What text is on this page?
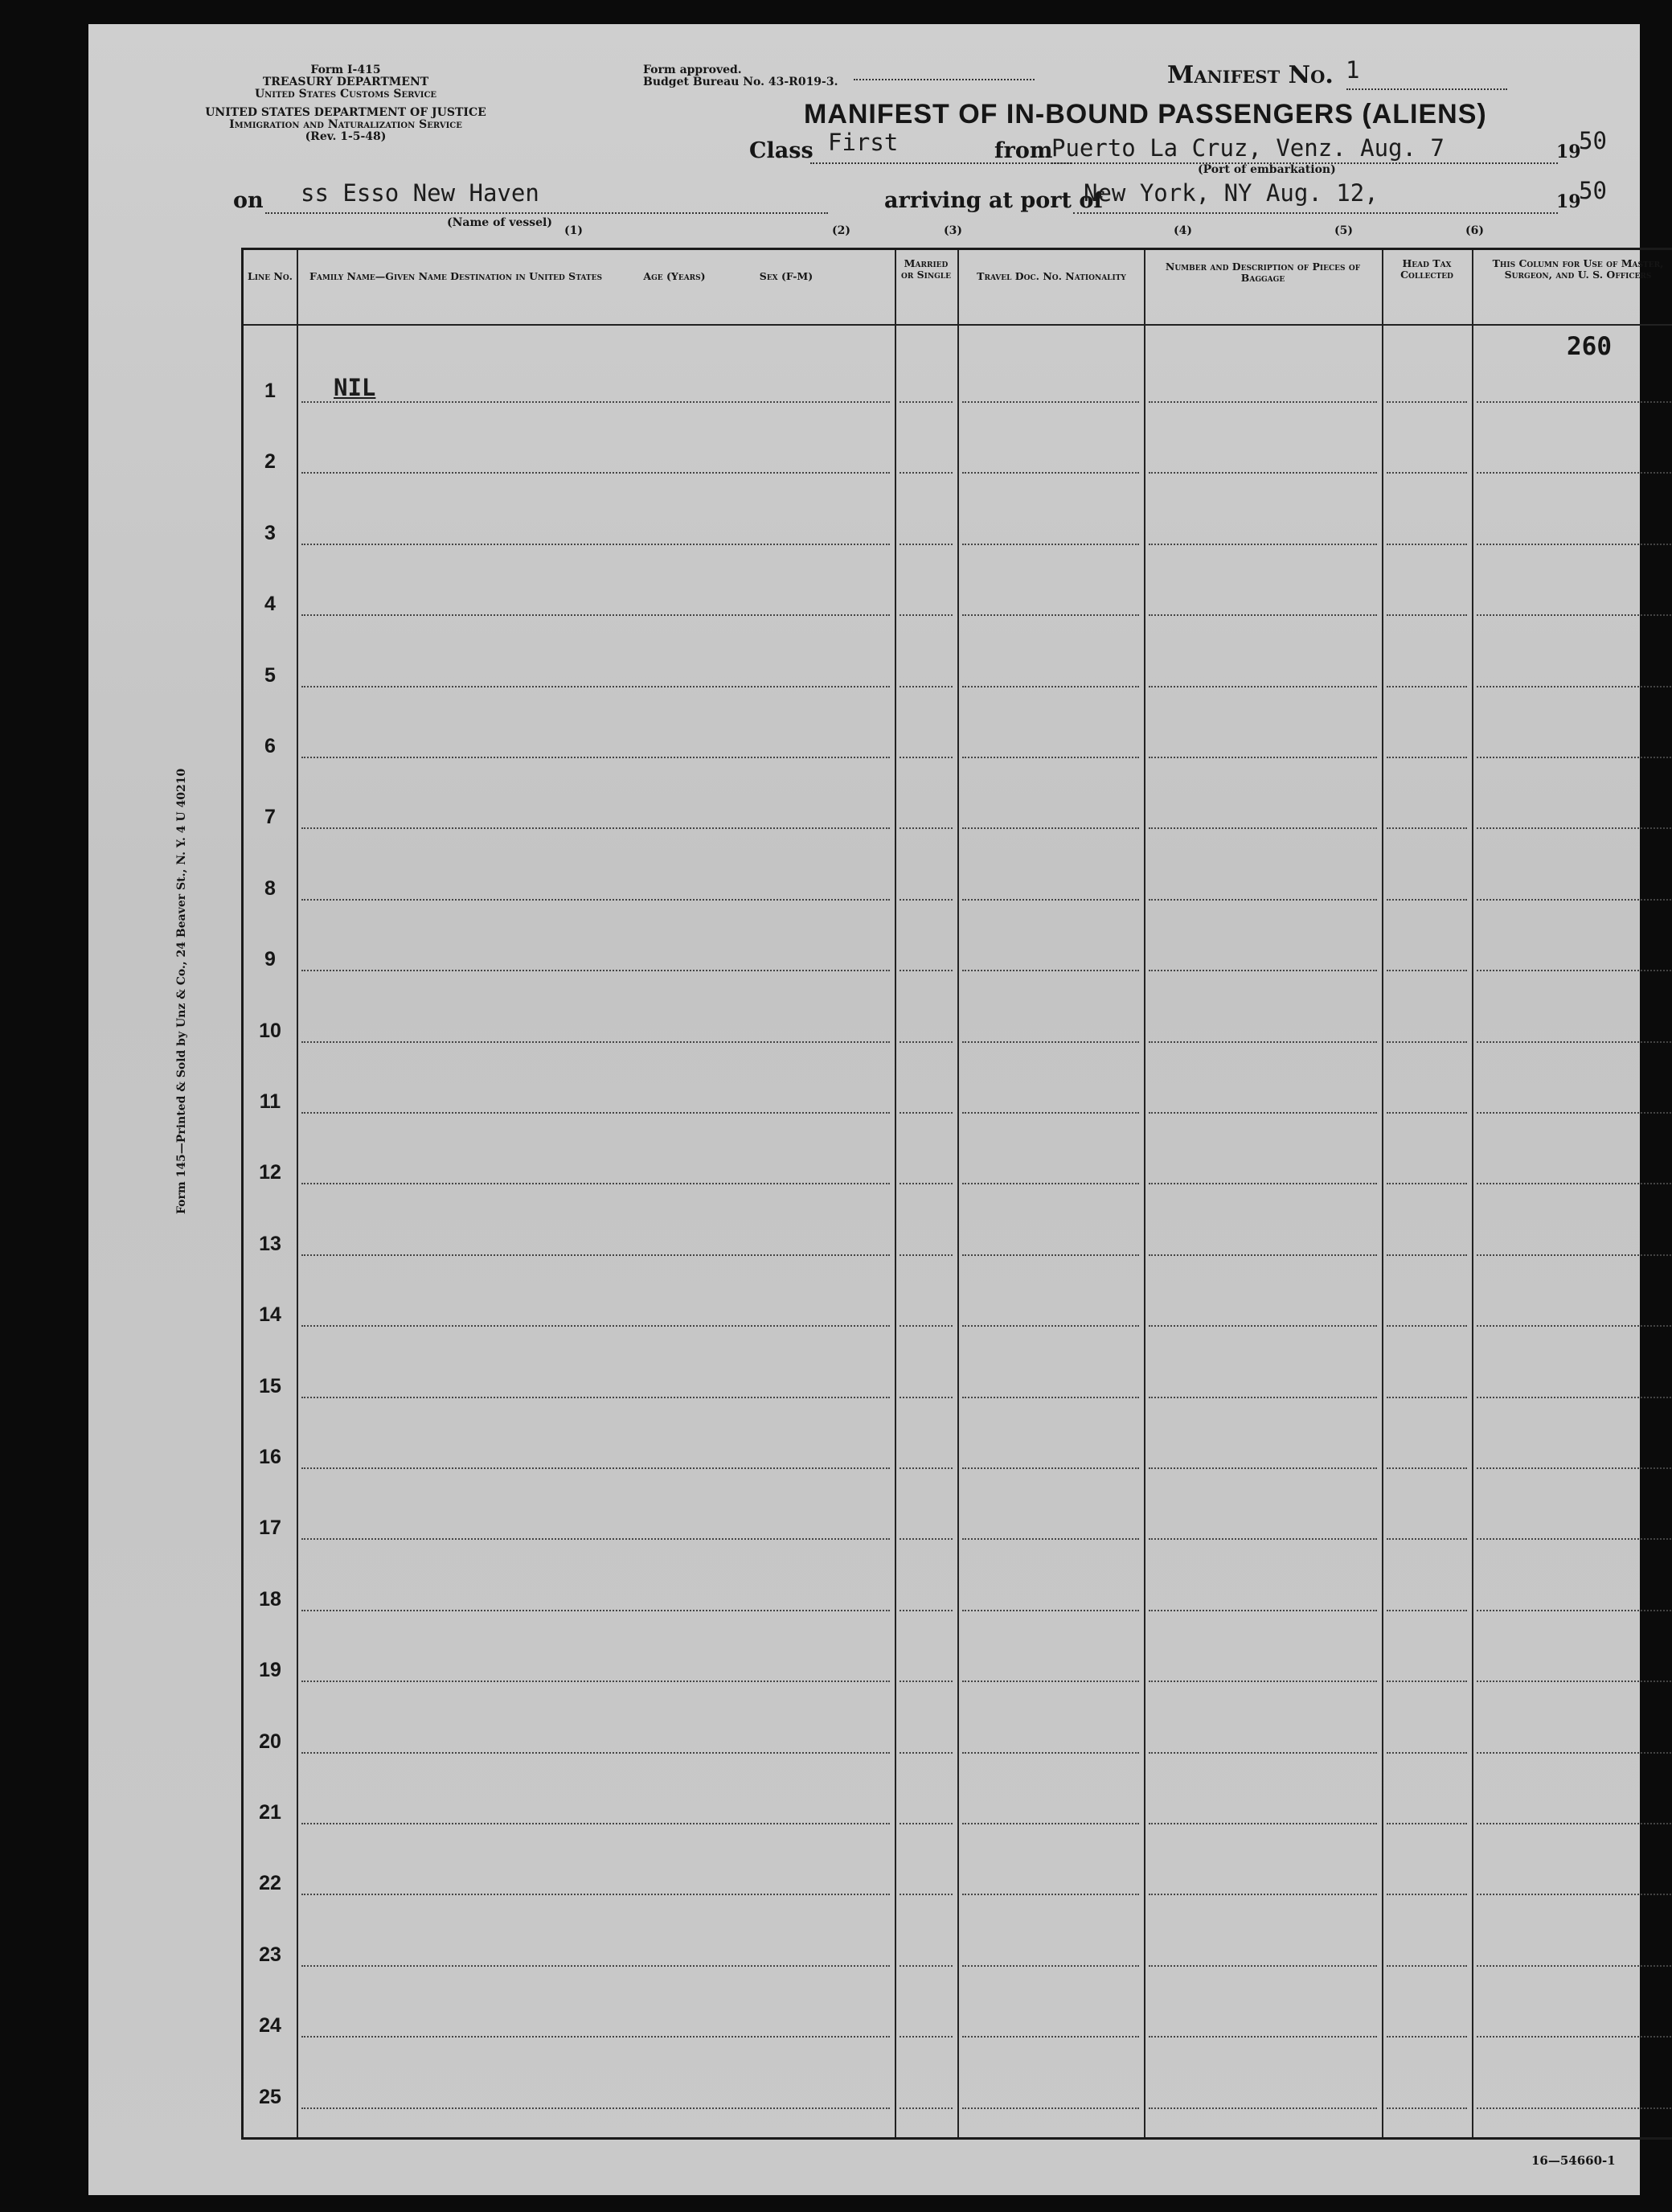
Form I-415
TREASURY DEPARTMENT
United States Customs Service
UNITED STATES DEPARTMENT OF JUSTICE
Immigration and Naturalization Service
(Rev. 1-5-48)
Form approved.
Budget Bureau No. 43-R019-3.	Manifest No. 1
MANIFEST OF IN-BOUND PASSENGERS (ALIENS)
Class First	from
Puerto La Cruz, Venz. Aug. 7	19
50
(Port of embarkation)
on ss Esso New Haven
(Name of vessel)
arriving at port of
New York, NY Aug. 12,	19
50
(1)	(2)	(3)	(4)	(5)	(6)
Form 145—Printed & Sold by Unz & Co., 24 Beaver St., N. Y. 4 U 40210
16—54660-1
Line No. Family Name—Given Name Destination in United States	Age (Years)	Sex (F-M)
Married or Single	Travel Doc. No. Nationality
Number and Description of Pieces of Baggage
Head Tax Collected
This Column for Use of Master, Surgeon, and U. S. Officers
260
1	NIL
2
3
4
5
6
7
8
9
10
11
12
13
14
15
16
17
18
19
20
21
22
23
24
25
